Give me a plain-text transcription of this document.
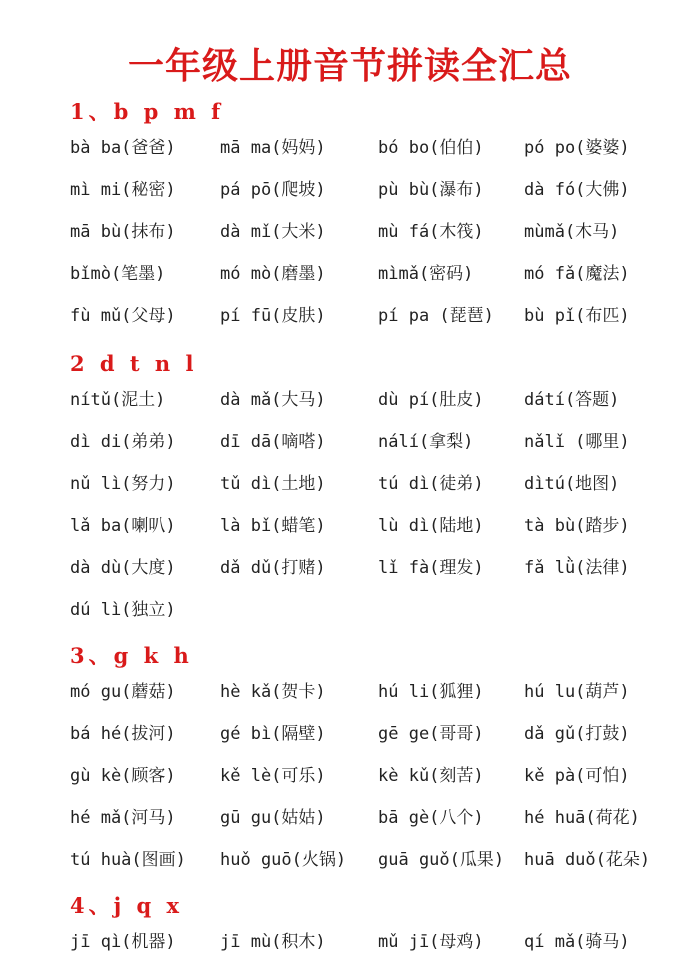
一年级上册音节拼读全汇总
1、b p m f
bà ba(爸爸)	mā ma(妈妈)	bó bo(伯伯) pó po(婆婆)
mì mi(秘密)	pá pō(爬坡)	pù bù(瀑布) dà fó(大佛)
mā bù(抹布)	dà mǐ(大米)	mù fá(木筏) mùmǎ(木马)
bǐmò(笔墨)	mó mò(磨墨)	mìmǎ(密码)	mó fǎ(魔法)
fù mǔ(父母)	pí fū(皮肤)	pí pa (琵琶) bù pǐ(布匹)
2 d t n l
nítǔ(泥土)	dà mǎ(大马)	dù pí(肚皮) dátí(答题)
dì di(弟弟)	dī dā(嘀嗒)	nálí(拿梨)	nǎlǐ (哪里)
nǔ lì(努力)	tǔ dì(土地)	tú dì(徒弟) dìtú(地图)
lǎ ba(喇叭)	là bǐ(蜡笔)	lù dì(陆地) tà bù(踏步)
dà dù(大度)	dǎ dǔ(打赌)	lǐ fà(理发) fǎ lǜ(法律)
dú lì(独立)
3、g k h
mó gu(蘑菇)	hè kǎ(贺卡)	hú li(狐狸) hú lu(葫芦)
bá hé(拔河)	gé bì(隔壁)	gē ge(哥哥) dǎ gǔ(打鼓)
gù kè(顾客)	kě lè(可乐)	kè kǔ(刻苦) kě pà(可怕)
hé mǎ(河马)	gū gu(姑姑)	bā gè(八个) hé huā(荷花)
tú huà(图画) huǒ guō(火锅) guā guǒ(瓜果) huā duǒ(花朵)
4、j q x
jī qì(机器)	jī mù(积木)	mǔ jī(母鸡) qí mǎ(骑马)
